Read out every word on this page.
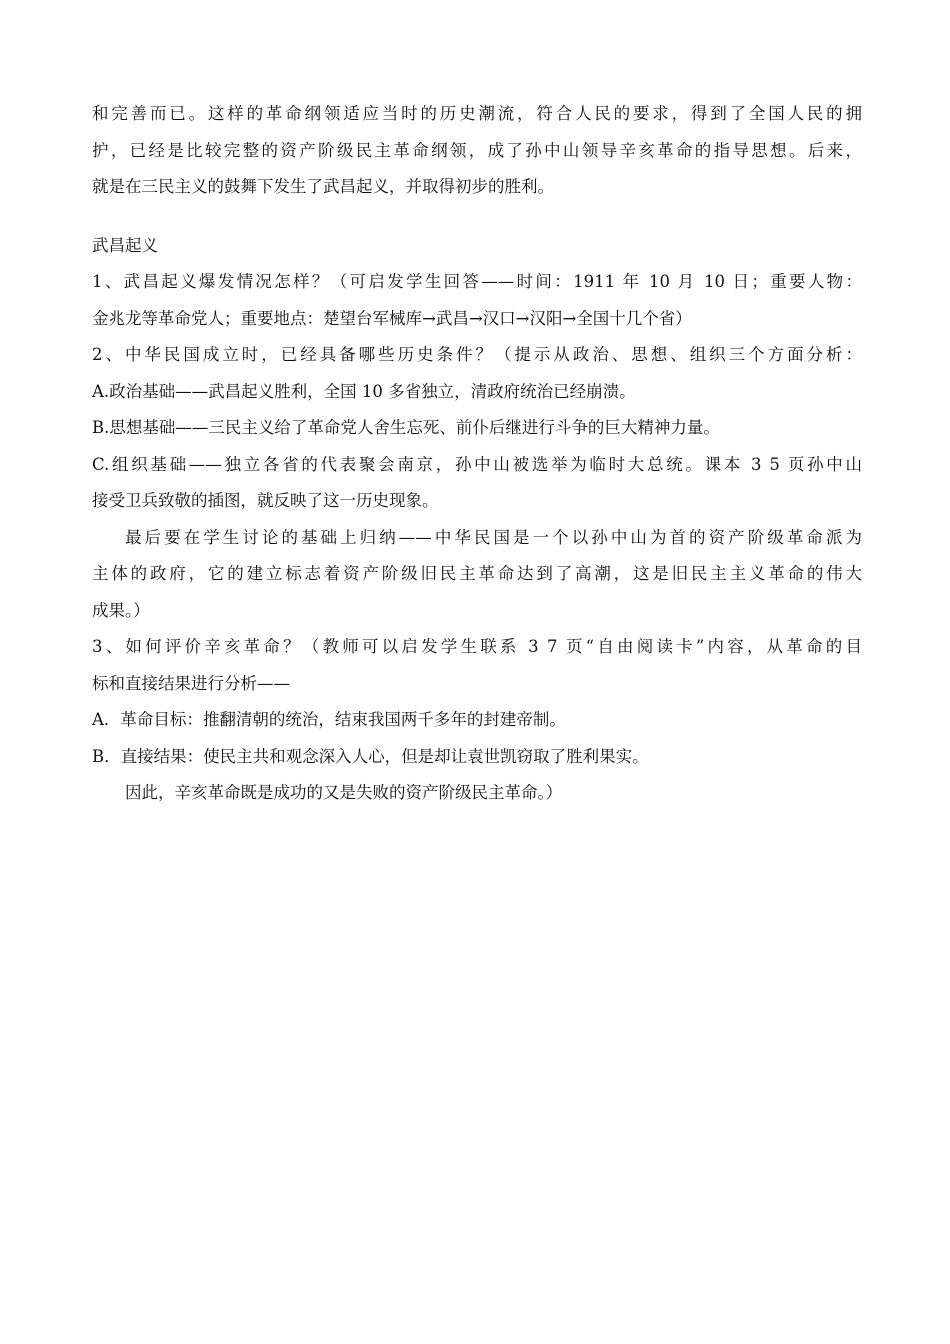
和完善而已。这样的革命纲领适应当时的历史潮流，符合人民的要求，得到了全国人民的拥
护，已经是比较完整的资产阶级民主革命纲领，成了孙中山领导辛亥革命的指导思想。后来，
就是在三民主义的鼓舞下发生了武昌起义，并取得初步的胜利。
武昌起义
1、武昌起义爆发情况怎样？（可启发学生回答——时间：1911 年 10 月 10 日；重要人物：
金兆龙等革命党人；重要地点：楚望台军械库→武昌→汉口→汉阳→全国十几个省）
2、中华民国成立时，已经具备哪些历史条件？（提示从政治、思想、组织三个方面分析：
A.政治基础——武昌起义胜利，全国 10 多省独立，清政府统治已经崩溃。
B.思想基础——三民主义给了革命党人舍生忘死、前仆后继进行斗争的巨大精神力量。
C.组织基础——独立各省的代表聚会南京，孙中山被选举为临时大总统。课本 3 5 页孙中山
接受卫兵致敬的插图，就反映了这一历史现象。
最后要在学生讨论的基础上归纳——中华民国是一个以孙中山为首的资产阶级革命派为
主体的政府，它的建立标志着资产阶级旧民主革命达到了高潮，这是旧民主主义革命的伟大
成果。）
3、如何评价辛亥革命？（教师可以启发学生联系 3 7 页“自由阅读卡”内容，从革命的目
标和直接结果进行分析——
A．革命目标：推翻清朝的统治，结束我国两千多年的封建帝制。
B．直接结果：使民主共和观念深入人心，但是却让袁世凯窃取了胜利果实。
因此，辛亥革命既是成功的又是失败的资产阶级民主革命。）
